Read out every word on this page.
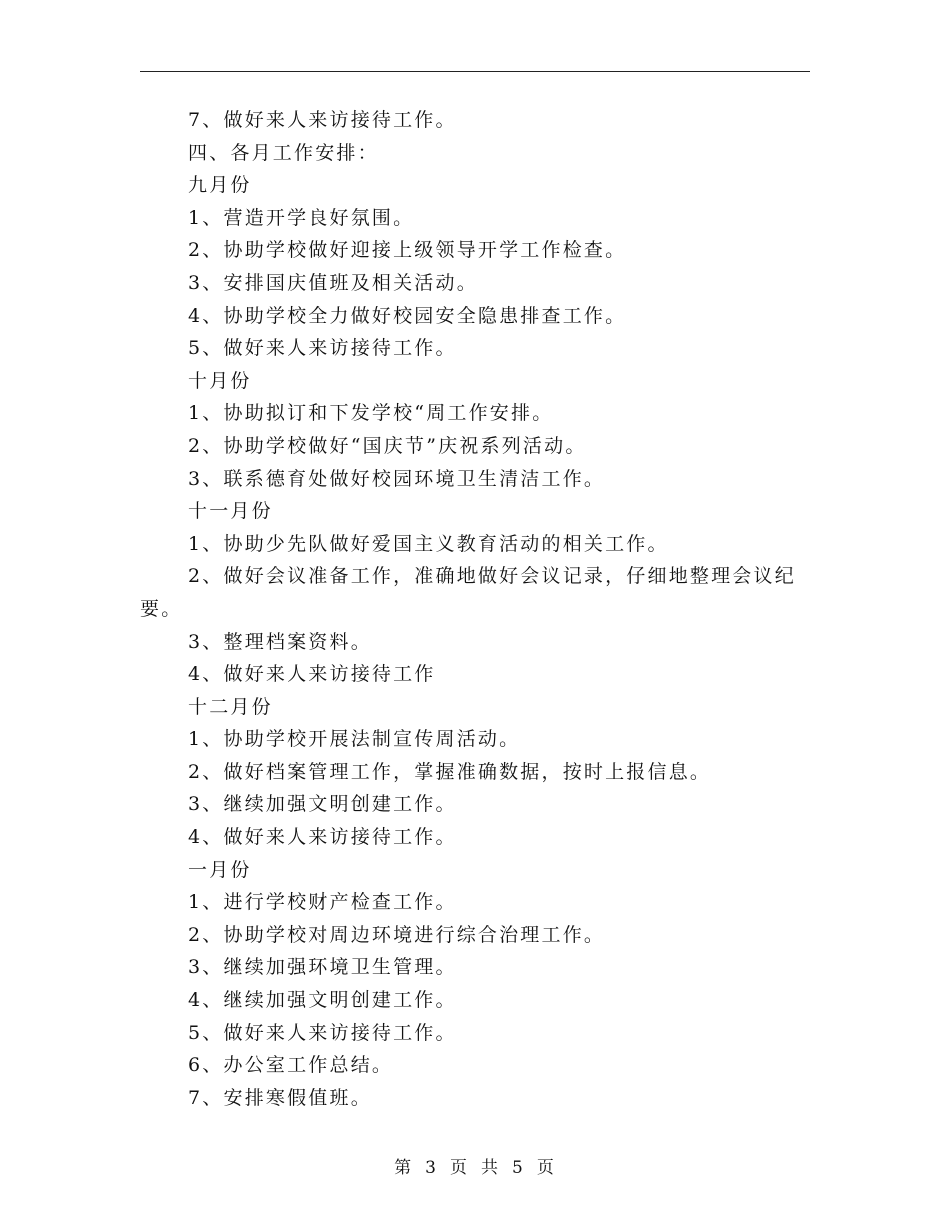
7、做好来人来访接待工作。
四、各月工作安排：
九月份
1、营造开学良好氛围。
2、协助学校做好迎接上级领导开学工作检查。
3、安排国庆值班及相关活动。
4、协助学校全力做好校园安全隐患排查工作。
5、做好来人来访接待工作。
十月份
1、协助拟订和下发学校“周工作安排。
2、协助学校做好“国庆节”庆祝系列活动。
3、联系德育处做好校园环境卫生清洁工作。
十一月份
1、协助少先队做好爱国主义教育活动的相关工作。
2、做好会议准备工作，准确地做好会议记录，仔细地整理会议纪
要。
3、整理档案资料。
4、做好来人来访接待工作
十二月份
1、协助学校开展法制宣传周活动。
2、做好档案管理工作，掌握准确数据，按时上报信息。
3、继续加强文明创建工作。
4、做好来人来访接待工作。
一月份
1、进行学校财产检查工作。
2、协助学校对周边环境进行综合治理工作。
3、继续加强环境卫生管理。
4、继续加强文明创建工作。
5、做好来人来访接待工作。
6、办公室工作总结。
7、安排寒假值班。
第 3 页 共 5 页
